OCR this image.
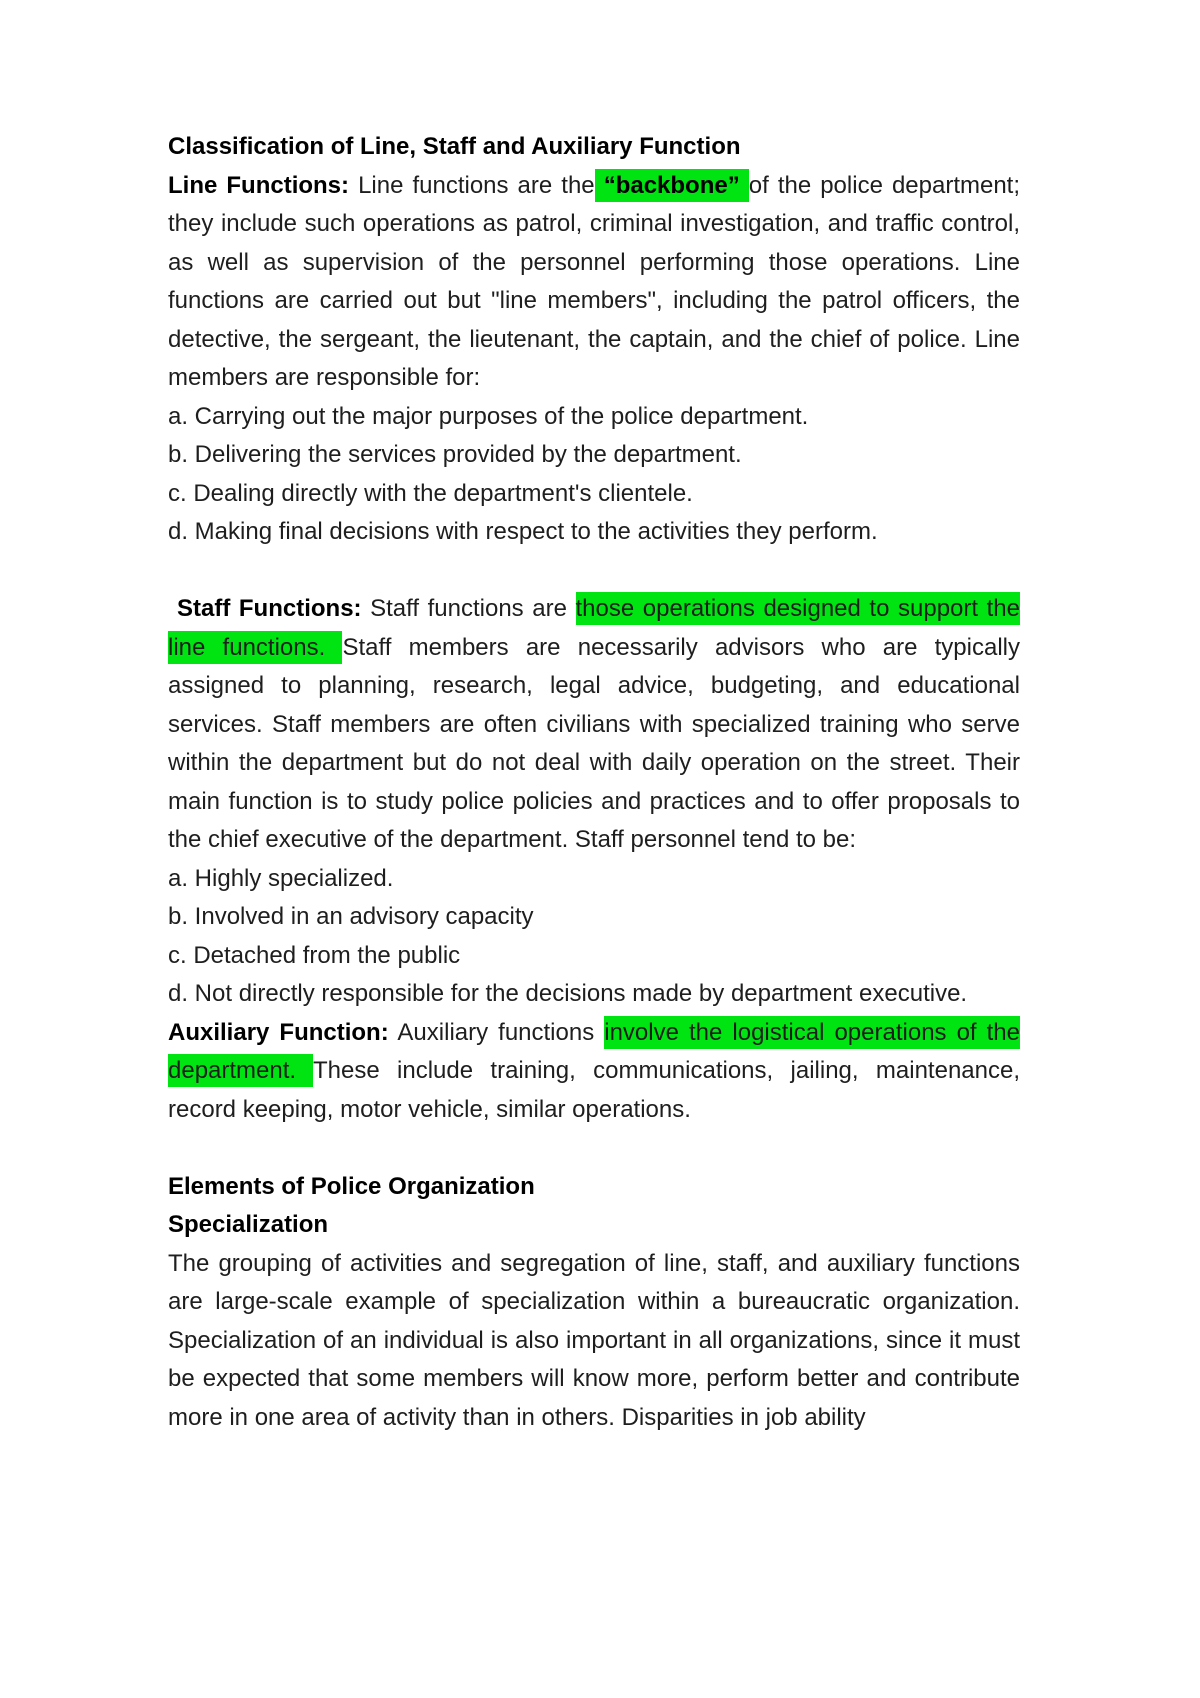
Classification of Line, Staff and Auxiliary Function

Line Functions: Line functions are the “backbone” of the police department; they include such operations as patrol, criminal investigation, and traffic control, as well as supervision of the personnel performing those operations. Line functions are carried out but "line members", including the patrol officers, the detective, the sergeant, the lieutenant, the captain, and the chief of police. Line members are responsible for:

a. Carrying out the major purposes of the police department.
b. Delivering the services provided by the department.
c. Dealing directly with the department's clientele.
d. Making final decisions with respect to the activities they perform.

Staff Functions: Staff functions are those operations designed to support the line functions. Staff members are necessarily advisors who are typically assigned to planning, research, legal advice, budgeting, and educational services. Staff members are often civilians with specialized training who serve within the department but do not deal with daily operation on the street. Their main function is to study police policies and practices and to offer proposals to the chief executive of the department. Staff personnel tend to be:

a. Highly specialized.
b. Involved in an advisory capacity
c. Detached from the public
d. Not directly responsible for the decisions made by department executive.

Auxiliary Function: Auxiliary functions involve the logistical operations of the department. These include training, communications, jailing, maintenance, record keeping, motor vehicle, similar operations.

Elements of Police Organization
Specialization

The grouping of activities and segregation of line, staff, and auxiliary functions are large-scale example of specialization within a bureaucratic organization. Specialization of an individual is also important in all organizations, since it must be expected that some members will know more, perform better and contribute more in one area of activity than in others. Disparities in job ability
